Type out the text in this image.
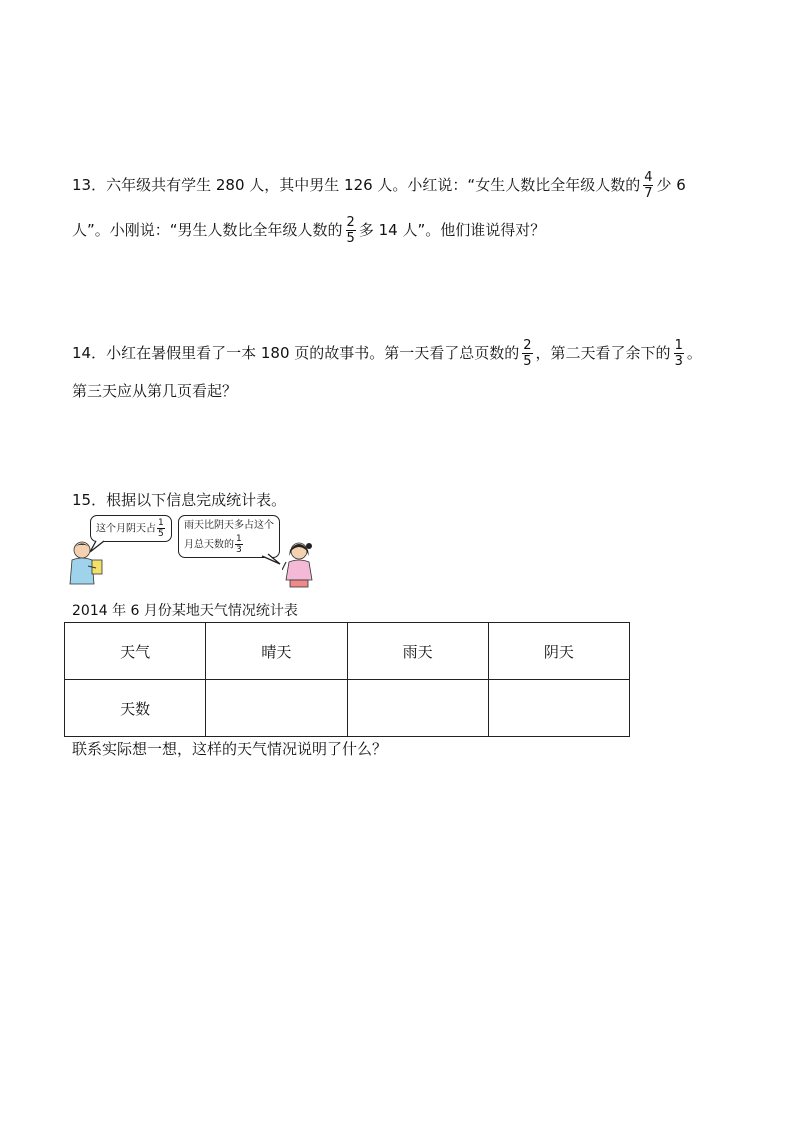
13．六年级共有学生 280 人，其中男生 126 人。小红说：“女生人数比全年级人数的 $\frac{4}{7}$ 少 6
人”。小刚说：“男生人数比全年级人数的 $\frac{2}{5}$ 多 14 人”。他们谁说得对？
14．小红在暑假里看了一本 180 页的故事书。第一天看了总页数的 $\frac{2}{5}$ ，第二天看了余下的 $\frac{1}{3}$ 。
第三天应从第几页看起？
15．根据以下信息完成统计表。
这个月阴天占 $\frac{1}{5}$ 雨天比阴天多占这个
月总天数的 $\frac{1}{3}$
2014 年 6 月份某地天气情况统计表
天气	晴天	雨天	阴天
天数			
联系实际想一想，这样的天气情况说明了什么？
